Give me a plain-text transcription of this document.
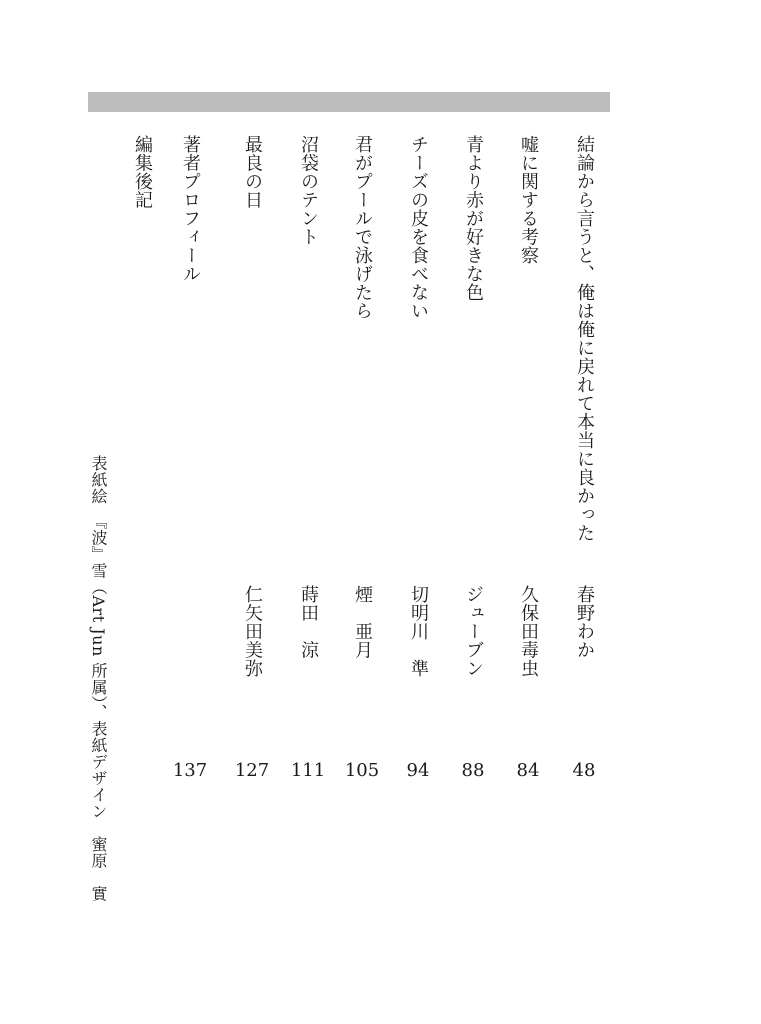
結論から言うと、俺は俺に戻れて本当に良かった
春野わか
48
嘘に関する考察
久保田毒虫
84
青より赤が好きな色
ジューブン
88
チーズの皮を食べない
切明川　準
94
君がプールで泳げたら
煙　亜月
105
沼袋のテント
蒔田　涼
111
最良の日
仁矢田美弥
127
著者プロフィール
137
編集後記
表紙絵　『波』雪（Art Jun 所属）、表紙デザイン　蜜原　實
